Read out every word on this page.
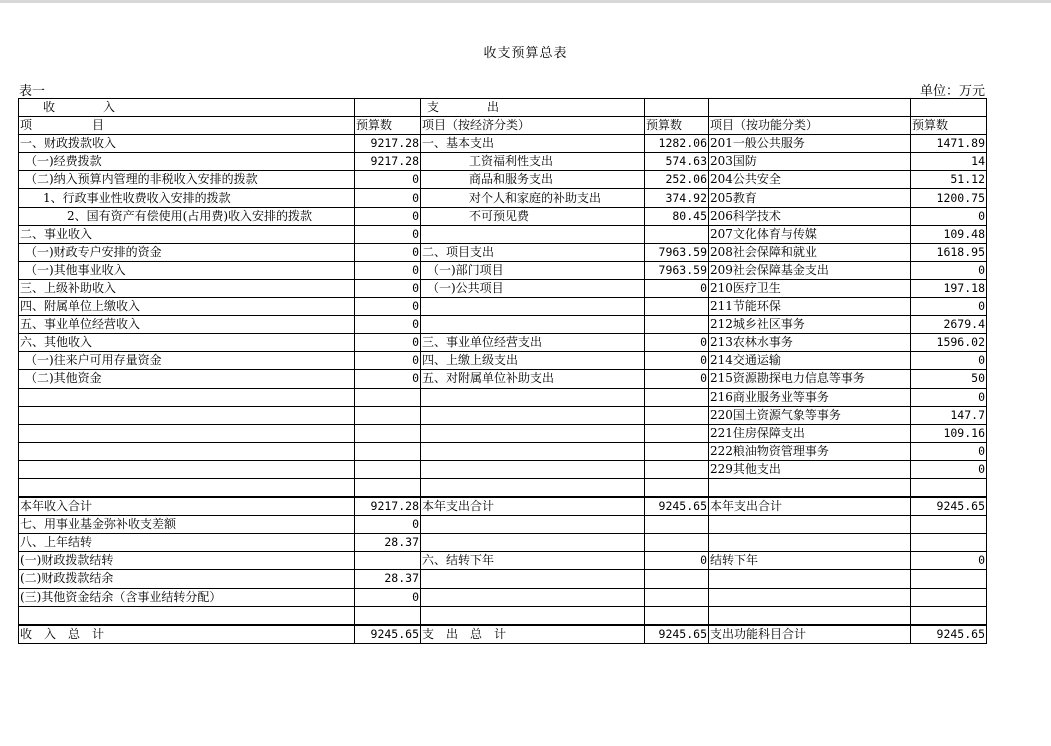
收支预算总表
表一	单位：万元
收　　　　入		支　　　　出			
项　　　　　目	预算数	项目（按经济分类）	预算数	项目（按功能分类）	预算数
一、财政拨款收入	9217.28	一、基本支出	1282.06	201一般公共服务	1471.89
（一)经费拨款	9217.28	工资福利性支出	574.63	203国防	14
（二)纳入预算内管理的非税收入安排的拨款	0	商品和服务支出	252.06	204公共安全	51.12
1、行政事业性收费收入安排的拨款	0	对个人和家庭的补助支出	374.92	205教育	1200.75
2、国有资产有偿使用(占用费)收入安排的拨款	0	不可预见费	80.45	206科学技术	0
二、事业收入	0			207文化体育与传媒	109.48
（一)财政专户安排的资金	0	二、项目支出	7963.59	208社会保障和就业	1618.95
（一)其他事业收入	0	（一)部门项目	7963.59	209社会保障基金支出	0
三、上级补助收入	0	（一)公共项目	0	210医疗卫生	197.18
四、附属单位上缴收入	0			211节能环保	0
五、事业单位经营收入	0			212城乡社区事务	2679.4
六、其他收入	0	三、事业单位经营支出	0	213农林水事务	1596.02
（一)往来户可用存量资金	0	四、上缴上级支出	0	214交通运输	0
（二)其他资金	0	五、对附属单位补助支出	0	215资源勘探电力信息等事务	50
				216商业服务业等事务	0
				220国土资源气象等事务	147.7
				221住房保障支出	109.16
				222粮油物资管理事务	0
				229其他支出	0

本年收入合计	9217.28	本年支出合计	9245.65	本年支出合计	9245.65
七、用事业基金弥补收支差额	0				
八、上年结转	28.37				
(一)财政拨款结转		六、结转下年	0	结转下年	0
(二)财政拨款结余	28.37				
(三)其他资金结余（含事业结转分配）	0				

收　入　总　计	9245.65	支　出　总　计	9245.65	支出功能科目合计	9245.65
